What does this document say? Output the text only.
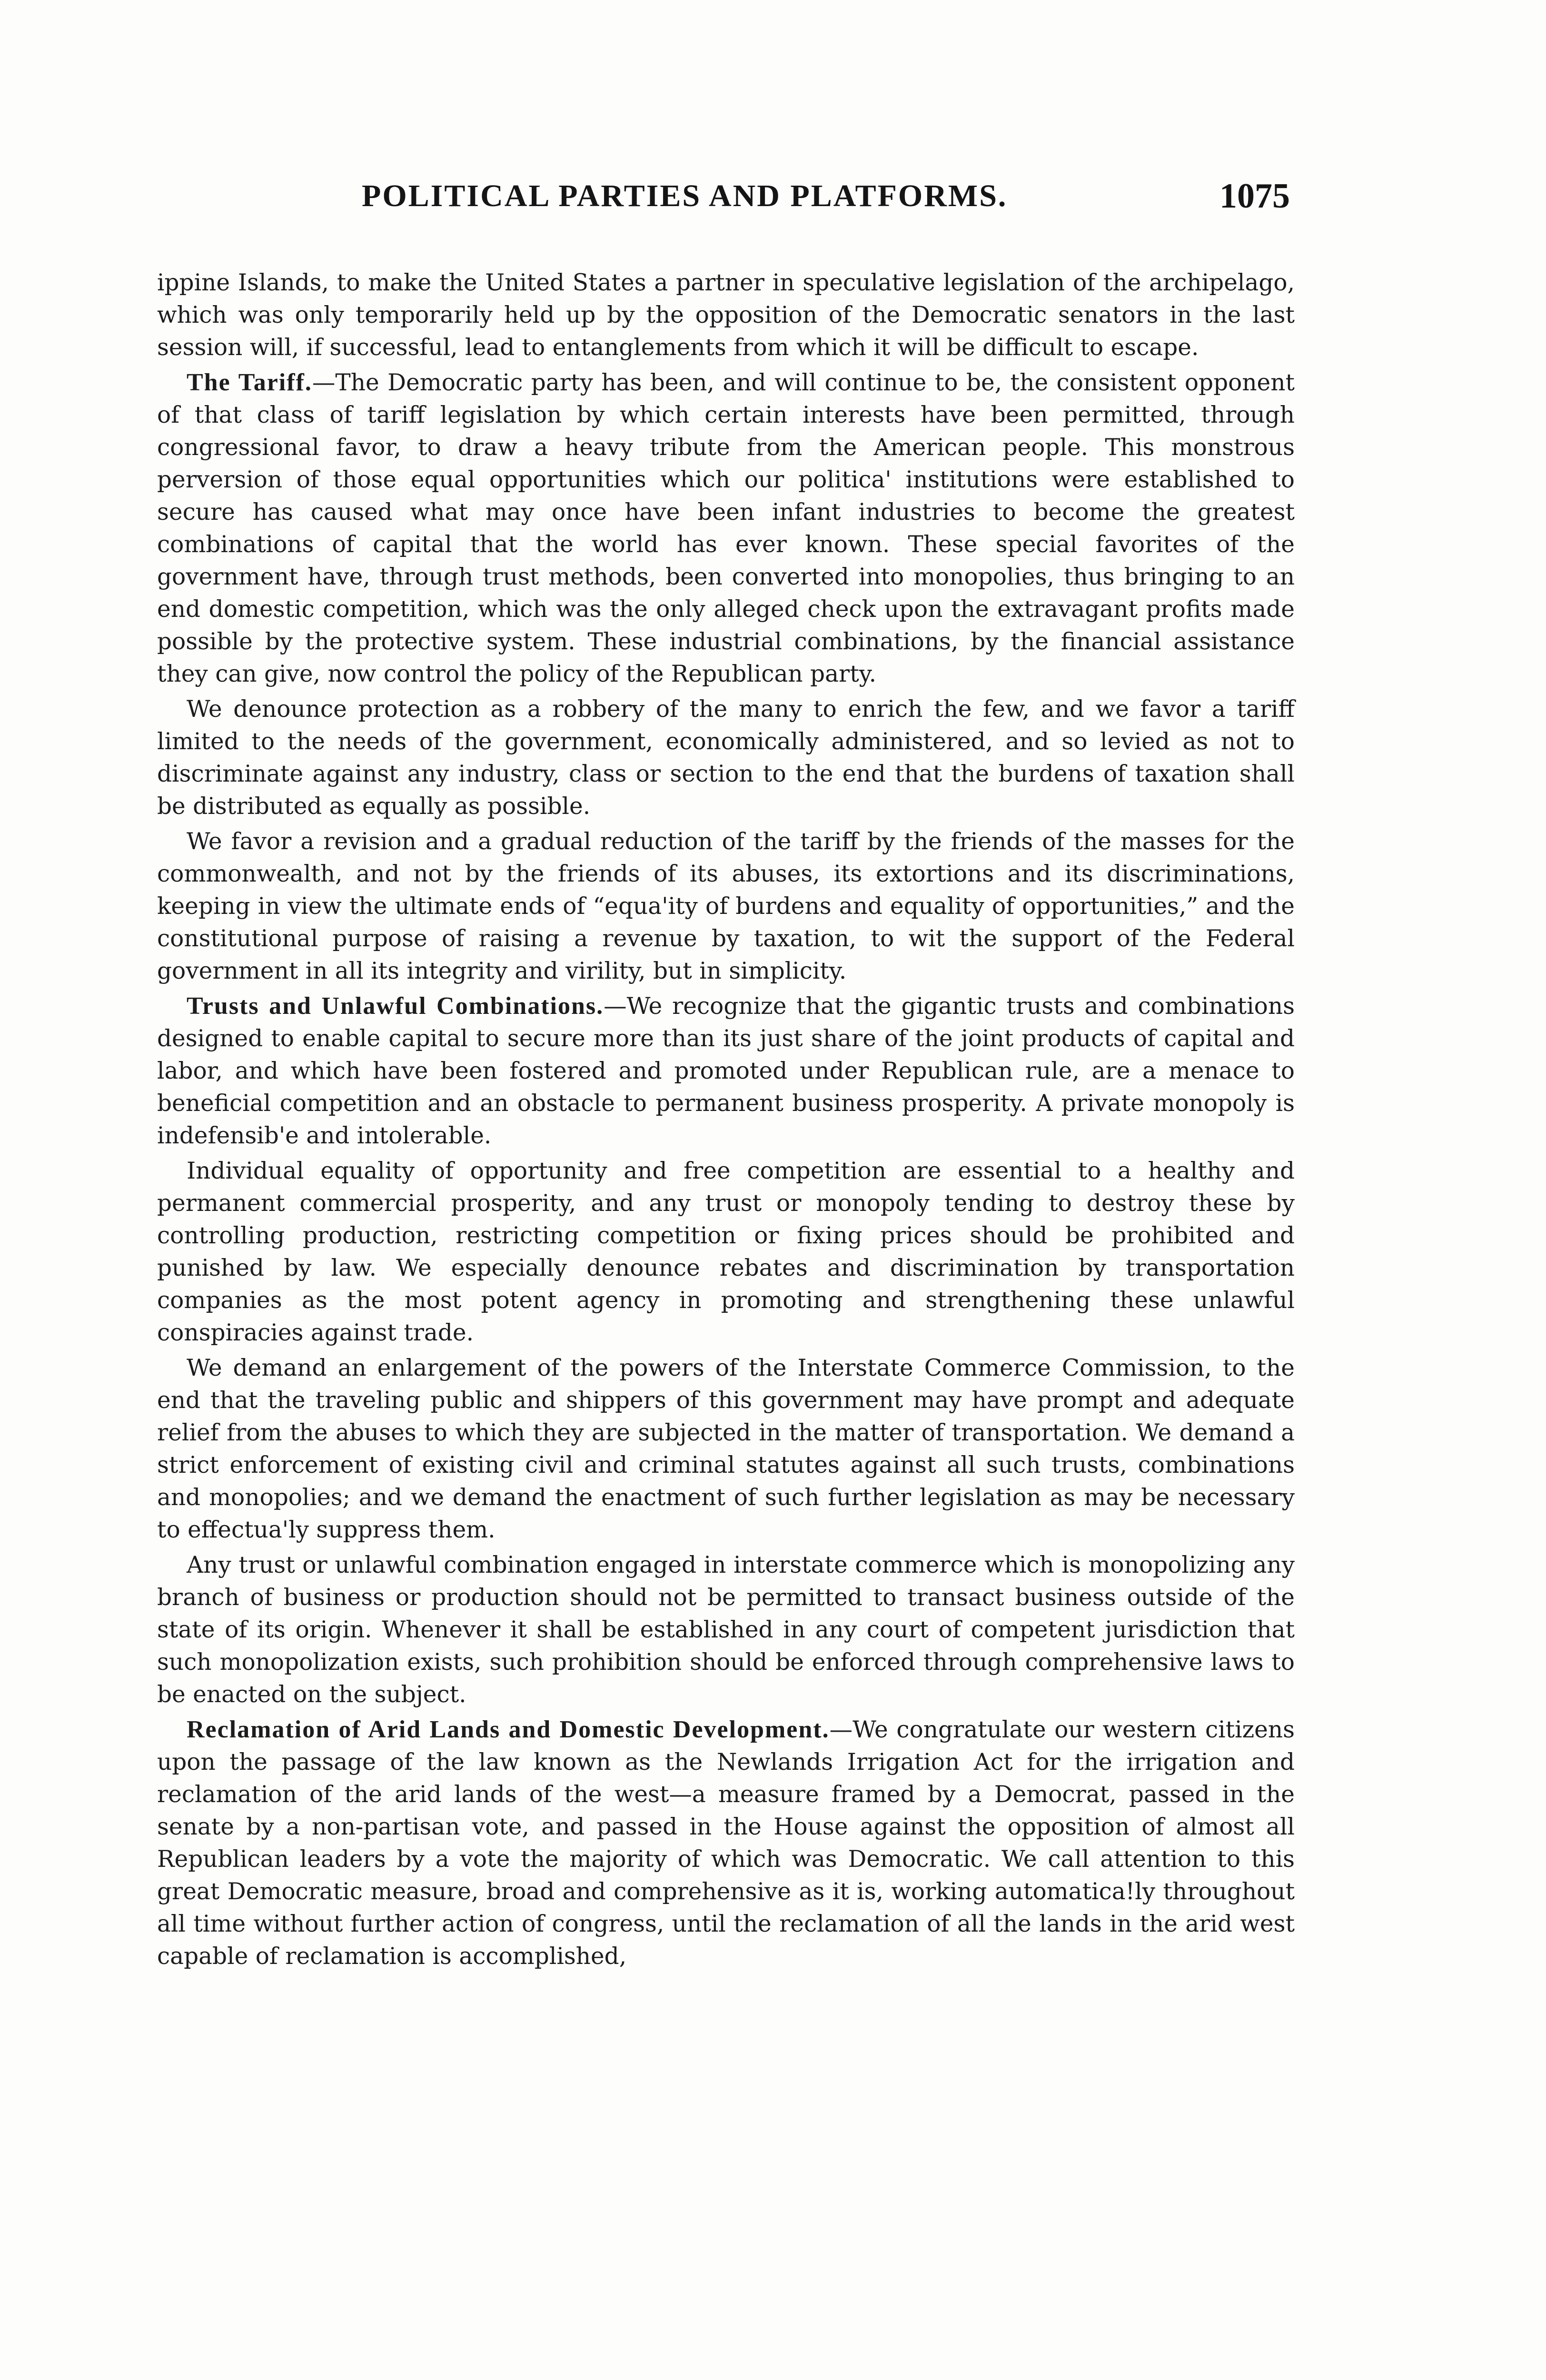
POLITICAL PARTIES AND PLATFORMS.	1075

ippine Islands, to make the United States a partner in speculative legislation of the archipelago, which was only temporarily held up by the opposition of the Democratic senators in the last session will, if successful, lead to entanglements from which it will be difficult to escape.

The Tariff.—The Democratic party has been, and will continue to be, the consistent opponent of that class of tariff legislation by which certain interests have been permitted, through congressional favor, to draw a heavy tribute from the American people. This monstrous perversion of those equal opportunities which our politica' institutions were established to secure has caused what may once have been infant industries to become the greatest combinations of capital that the world has ever known. These special favorites of the government have, through trust methods, been converted into monopolies, thus bringing to an end domestic competition, which was the only alleged check upon the extravagant profits made possible by the protective system. These industrial combinations, by the financial assistance they can give, now control the policy of the Republican party.

We denounce protection as a robbery of the many to enrich the few, and we favor a tariff limited to the needs of the government, economically administered, and so levied as not to discriminate against any industry, class or section to the end that the burdens of taxation shall be distributed as equally as possible.

We favor a revision and a gradual reduction of the tariff by the friends of the masses for the commonwealth, and not by the friends of its abuses, its extortions and its discriminations, keeping in view the ultimate ends of “equa'ity of burdens and equality of opportunities,” and the constitutional purpose of raising a revenue by taxation, to wit the support of the Federal government in all its integrity and virility, but in simplicity.

Trusts and Unlawful Combinations.—We recognize that the gigantic trusts and combinations designed to enable capital to secure more than its just share of the joint products of capital and labor, and which have been fostered and promoted under Republican rule, are a menace to beneficial competition and an obstacle to permanent business prosperity. A private monopoly is indefensib'e and intolerable.

Individual equality of opportunity and free competition are essential to a healthy and permanent commercial prosperity, and any trust or monopoly tending to destroy these by controlling production, restricting competition or fixing prices should be prohibited and punished by law. We especially denounce rebates and discrimination by transportation companies as the most potent agency in promoting and strengthening these unlawful conspiracies against trade.

We demand an enlargement of the powers of the Interstate Commerce Commission, to the end that the traveling public and shippers of this government may have prompt and adequate relief from the abuses to which they are subjected in the matter of transportation. We demand a strict enforcement of existing civil and criminal statutes against all such trusts, combinations and monopolies; and we demand the enactment of such further legislation as may be necessary to effectua'ly suppress them.

Any trust or unlawful combination engaged in interstate commerce which is monopolizing any branch of business or production should not be permitted to transact business outside of the state of its origin. Whenever it shall be established in any court of competent jurisdiction that such monopolization exists, such prohibition should be enforced through comprehensive laws to be enacted on the subject.

Reclamation of Arid Lands and Domestic Development.—We congratulate our western citizens upon the passage of the law known as the Newlands Irrigation Act for the irrigation and reclamation of the arid lands of the west—a measure framed by a Democrat, passed in the senate by a non-partisan vote, and passed in the House against the opposition of almost all Republican leaders by a vote the majority of which was Democratic. We call attention to this great Democratic measure, broad and comprehensive as it is, working automatica!ly throughout all time without further action of congress, until the reclamation of all the lands in the arid west capable of reclamation is accomplished,
